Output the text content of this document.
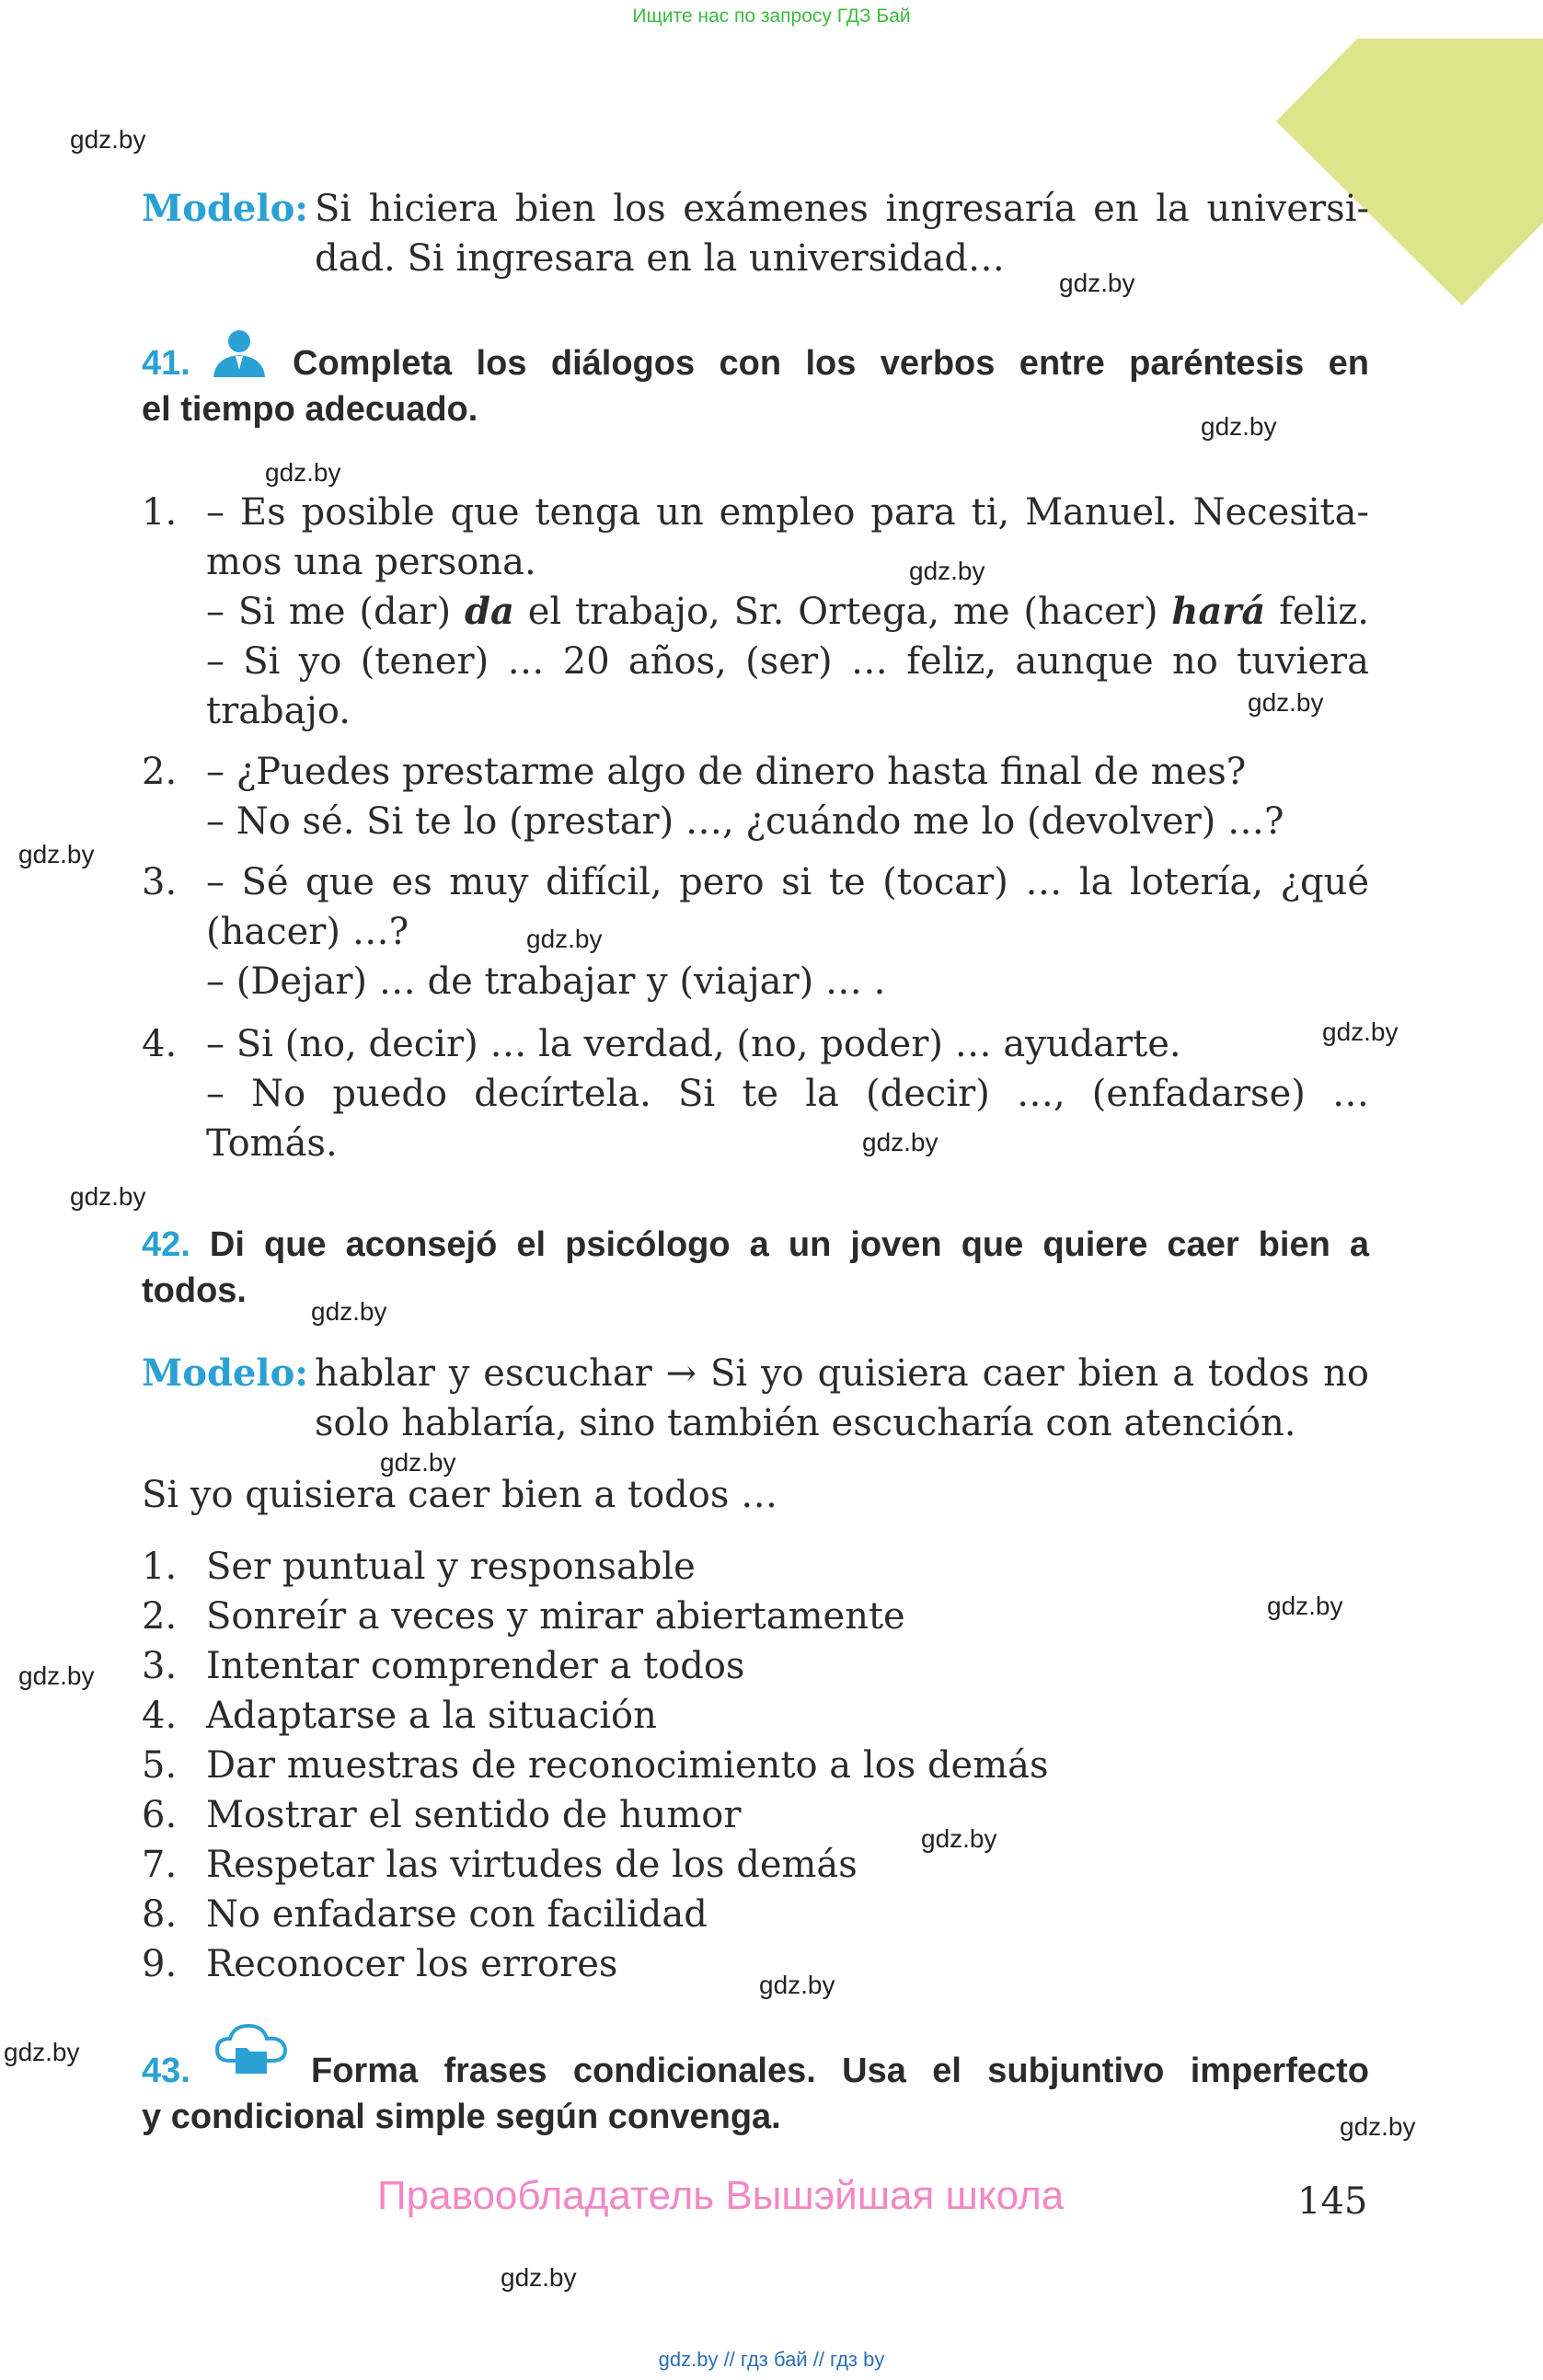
Ищите нас по запросу ГДЗ Бай
gdz.by
gdz.by
gdz.by
gdz.by
gdz.by
gdz.by
gdz.by
gdz.by
gdz.by
gdz.by
gdz.by
gdz.by
gdz.by
gdz.by
gdz.by
gdz.by
gdz.by
gdz.by
gdz.by
gdz.by
Modelo: Si hiciera bien los exámenes ingresaría en la universi-
dad. Si ingresara en la universidad…
41.	Completa los diálogos con los verbos entre paréntesis en
el tiempo adecuado.
1. – Es posible que tenga un empleo para ti, Manuel. Necesita-
mos una persona.
– Si me (dar) da el trabajo, Sr. Ortega, me (hacer) hará feliz.
– Si yo (tener) … 20 años, (ser) … feliz, aunque no tuviera
trabajo.
2. – ¿Puedes prestarme algo de dinero hasta final de mes?
– No sé. Si te lo (prestar) …, ¿cuándo me lo (devolver) …?
3. – Sé que es muy difícil, pero si te (tocar) … la lotería, ¿qué
(hacer) …?
– (Dejar) … de trabajar y (viajar) … .
4. – Si (no, decir) … la verdad, (no, poder) … ayudarte.
– No puedo decírtela. Si te la (decir) …, (enfadarse) …
Tomás.
42. Di que aconsejó el psicólogo a un joven que quiere caer bien a
todos.
Modelo: hablar y escuchar → Si yo quisiera caer bien a todos no
solo hablaría, sino también escucharía con atención.
Si yo quisiera caer bien a todos …
1. Ser puntual y responsable
2. Sonreír a veces y mirar abiertamente
3. Intentar comprender a todos
4. Adaptarse a la situación
5. Dar muestras de reconocimiento a los demás
6. Mostrar el sentido de humor
7. Respetar las virtudes de los demás
8. No enfadarse con facilidad
9. Reconocer los errores
43.	Forma frases condicionales. Usa el subjuntivo imperfecto
y condicional simple según convenga.
Правообладатель Вышэйшая школа	145
gdz.by // гдз бай // гдз by
